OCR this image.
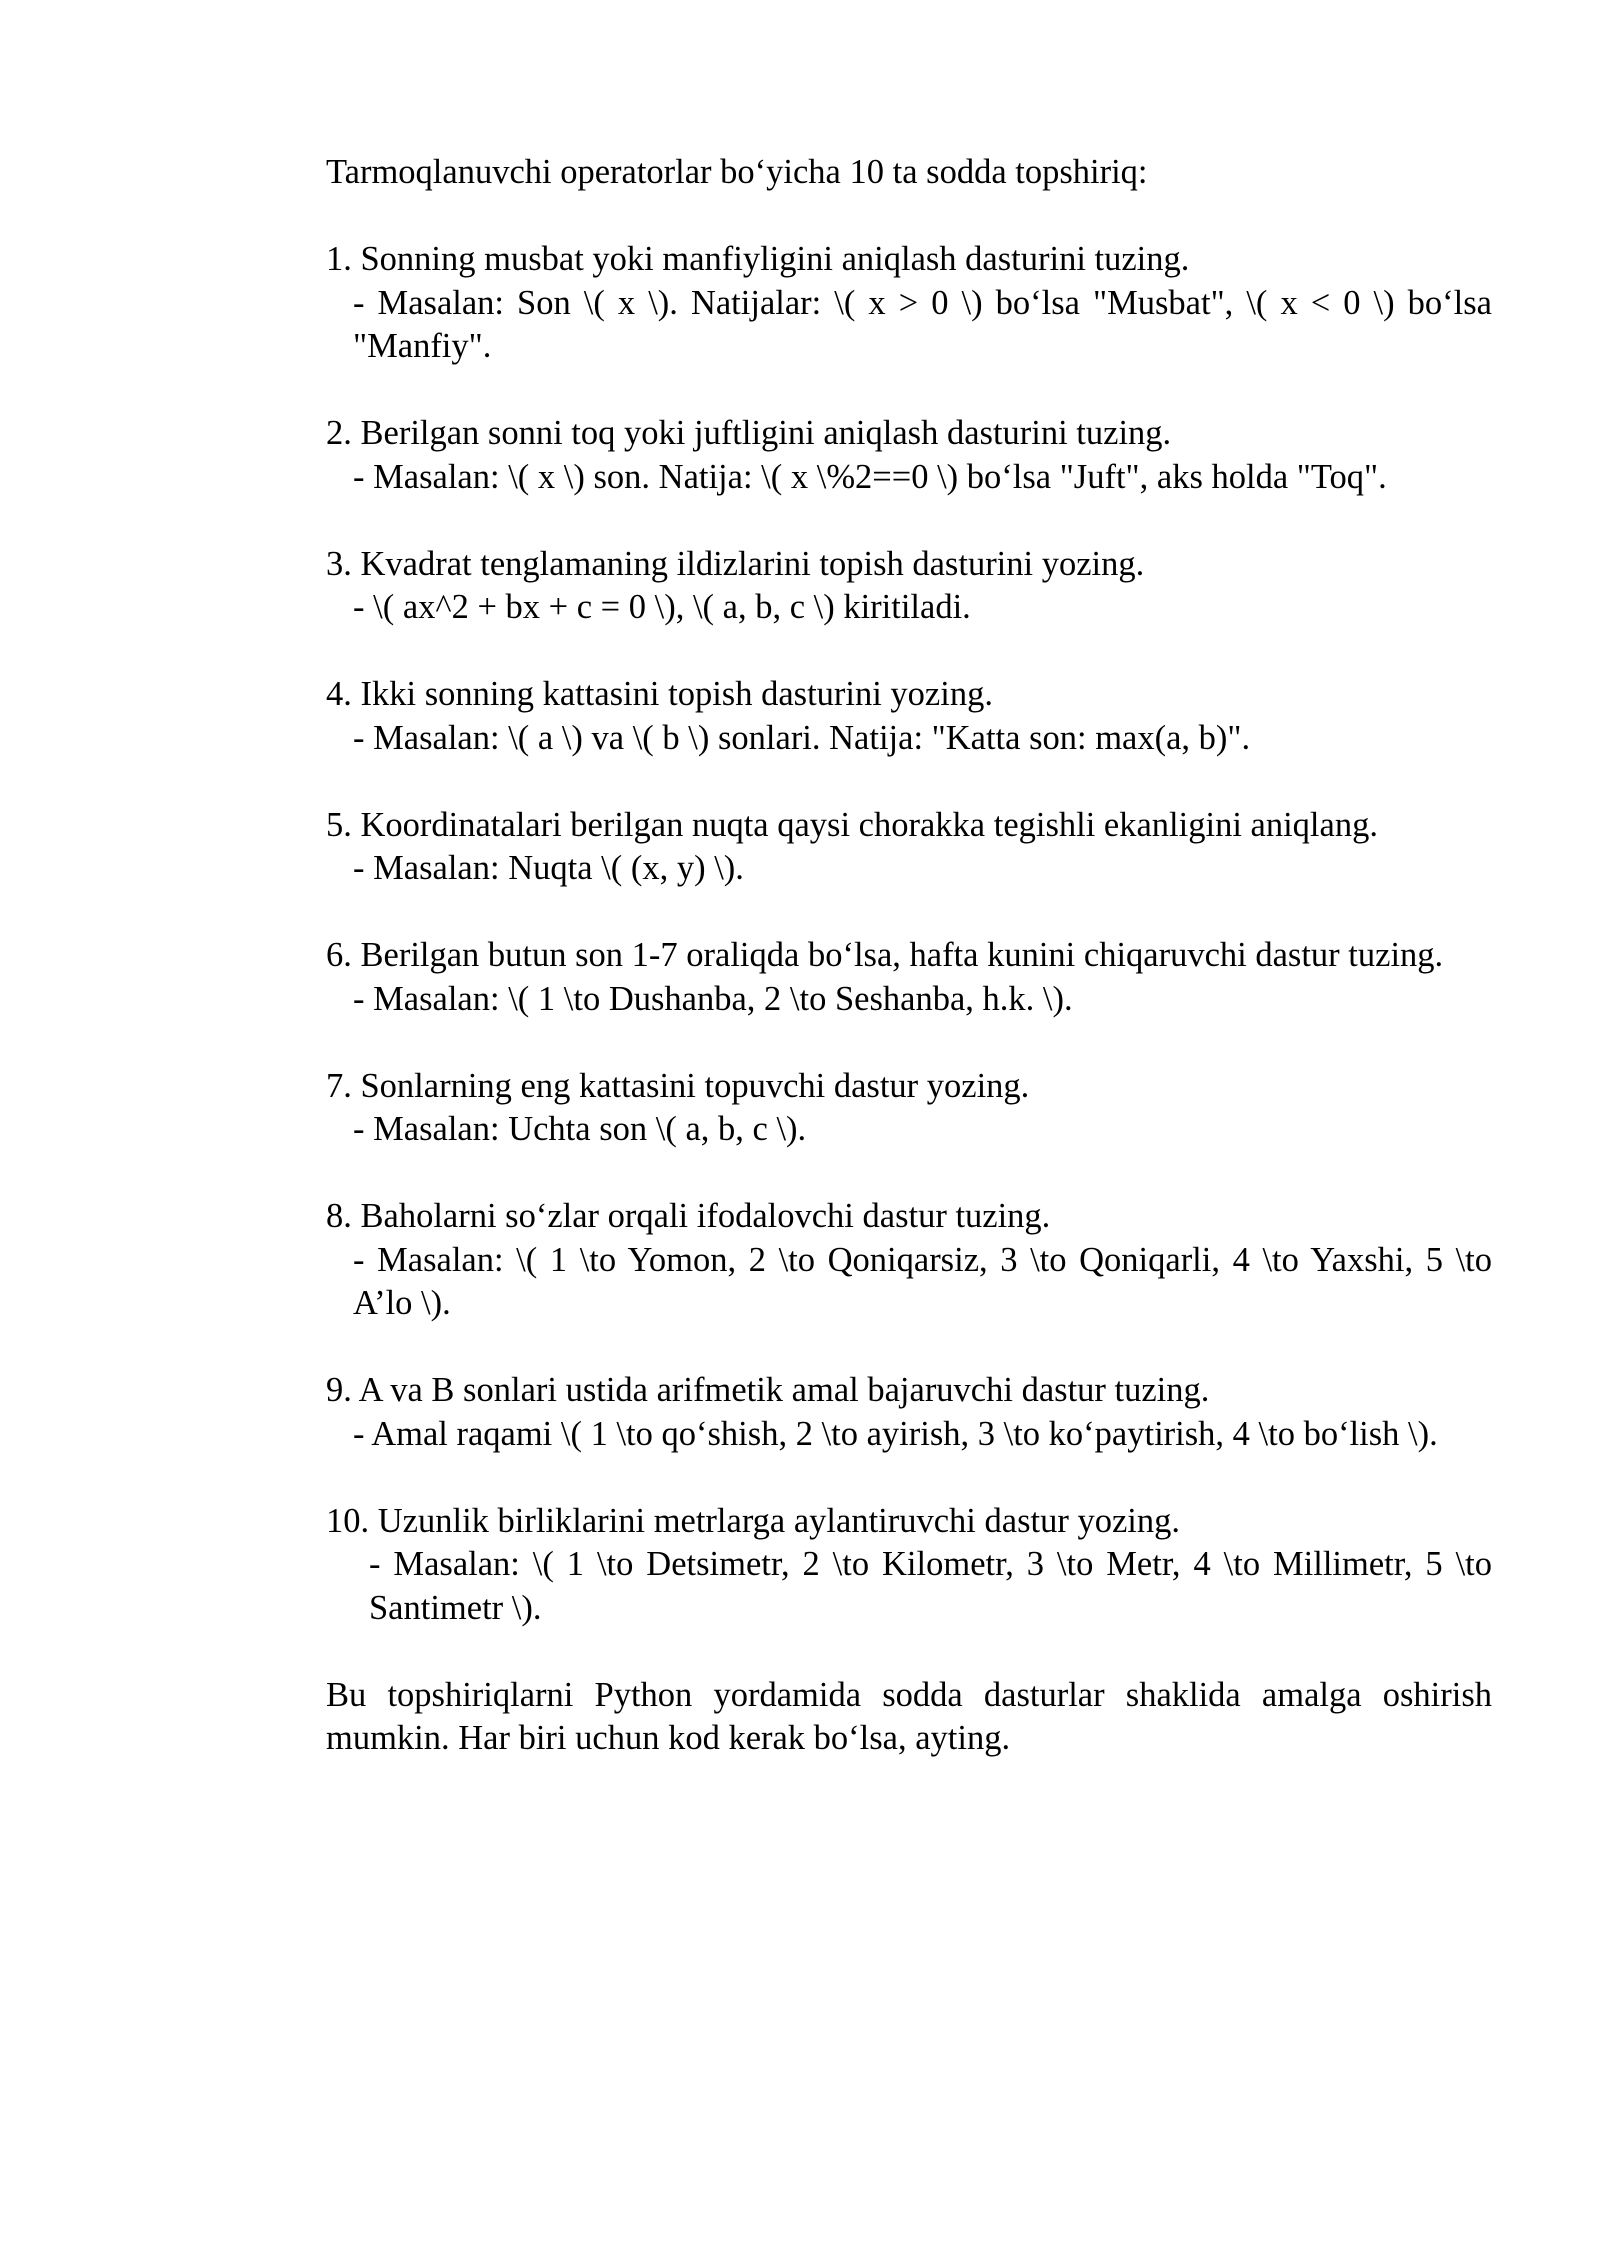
Tarmoqlanuvchi operatorlar bo‘yicha 10 ta sodda topshiriq:

1. Sonning musbat yoki manfiyligini aniqlash dasturini tuzing.

- Masalan: Son \( x \). Natijalar: \( x > 0 \) bo‘lsa "Musbat", \( x < 0 \) bo‘lsa "Manfiy".

2. Berilgan sonni toq yoki juftligini aniqlash dasturini tuzing.

- Masalan: \( x \) son. Natija: \( x \%2==0 \) bo‘lsa "Juft", aks holda "Toq".

3. Kvadrat tenglamaning ildizlarini topish dasturini yozing.

- \( ax^2 + bx + c = 0 \), \( a, b, c \) kiritiladi.

4. Ikki sonning kattasini topish dasturini yozing.

- Masalan: \( a \) va \( b \) sonlari. Natija: "Katta son: max(a, b)".

5. Koordinatalari berilgan nuqta qaysi chorakka tegishli ekanligini aniqlang.

- Masalan: Nuqta \( (x, y) \).

6. Berilgan butun son 1-7 oraliqda bo‘lsa, hafta kunini chiqaruvchi dastur tuzing.

- Masalan: \( 1 \to Dushanba, 2 \to Seshanba, h.k. \).

7. Sonlarning eng kattasini topuvchi dastur yozing.

- Masalan: Uchta son \( a, b, c \).

8. Baholarni so‘zlar orqali ifodalovchi dastur tuzing.

- Masalan: \( 1 \to Yomon, 2 \to Qoniqarsiz, 3 \to Qoniqarli, 4 \to Yaxshi, 5 \to A’lo \).

9. A va B sonlari ustida arifmetik amal bajaruvchi dastur tuzing.

- Amal raqami \( 1 \to qo‘shish, 2 \to ayirish, 3 \to ko‘paytirish, 4 \to bo‘lish \).

10. Uzunlik birliklarini metrlarga aylantiruvchi dastur yozing.

- Masalan: \( 1 \to Detsimetr, 2 \to Kilometr, 3 \to Metr, 4 \to Millimetr, 5 \to Santimetr \).

Bu topshiriqlarni Python yordamida sodda dasturlar shaklida amalga oshirish mumkin. Har biri uchun kod kerak bo‘lsa, ayting.
